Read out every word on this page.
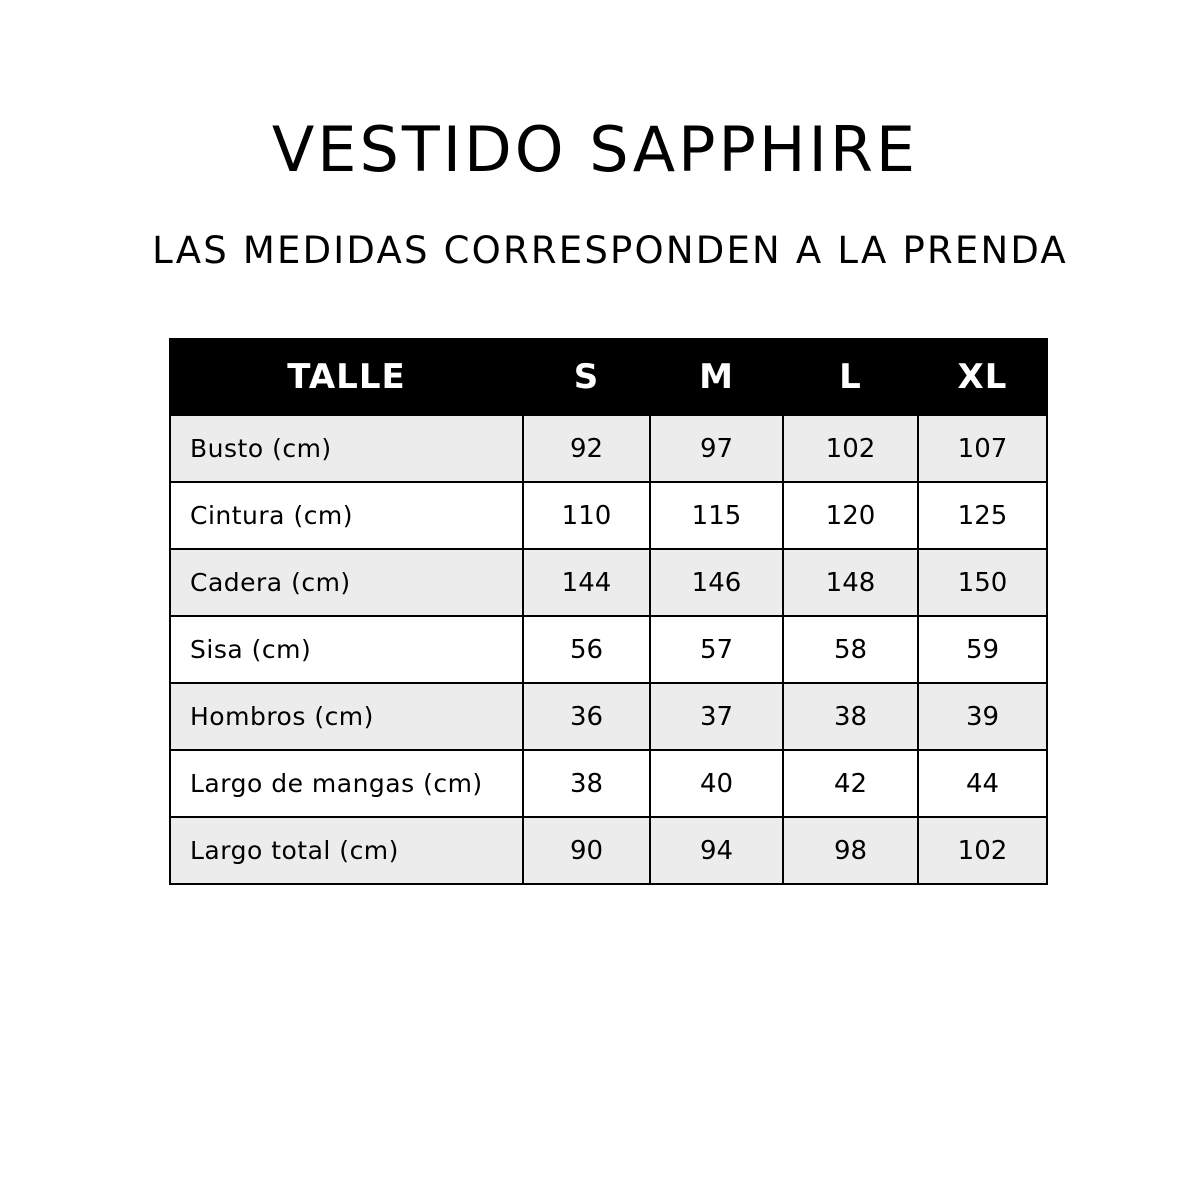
VESTIDO SAPPHIRE
LAS MEDIDAS CORRESPONDEN A LA PRENDA
TALLE	S	M	L	XL
Busto (cm)	92	97	102	107
Cintura (cm)	110	115	120	125
Cadera (cm)	144	146	148	150
Sisa (cm)	56	57	58	59
Hombros (cm)	36	37	38	39
Largo de mangas (cm)	38	40	42	44
Largo total (cm)	90	94	98	102
